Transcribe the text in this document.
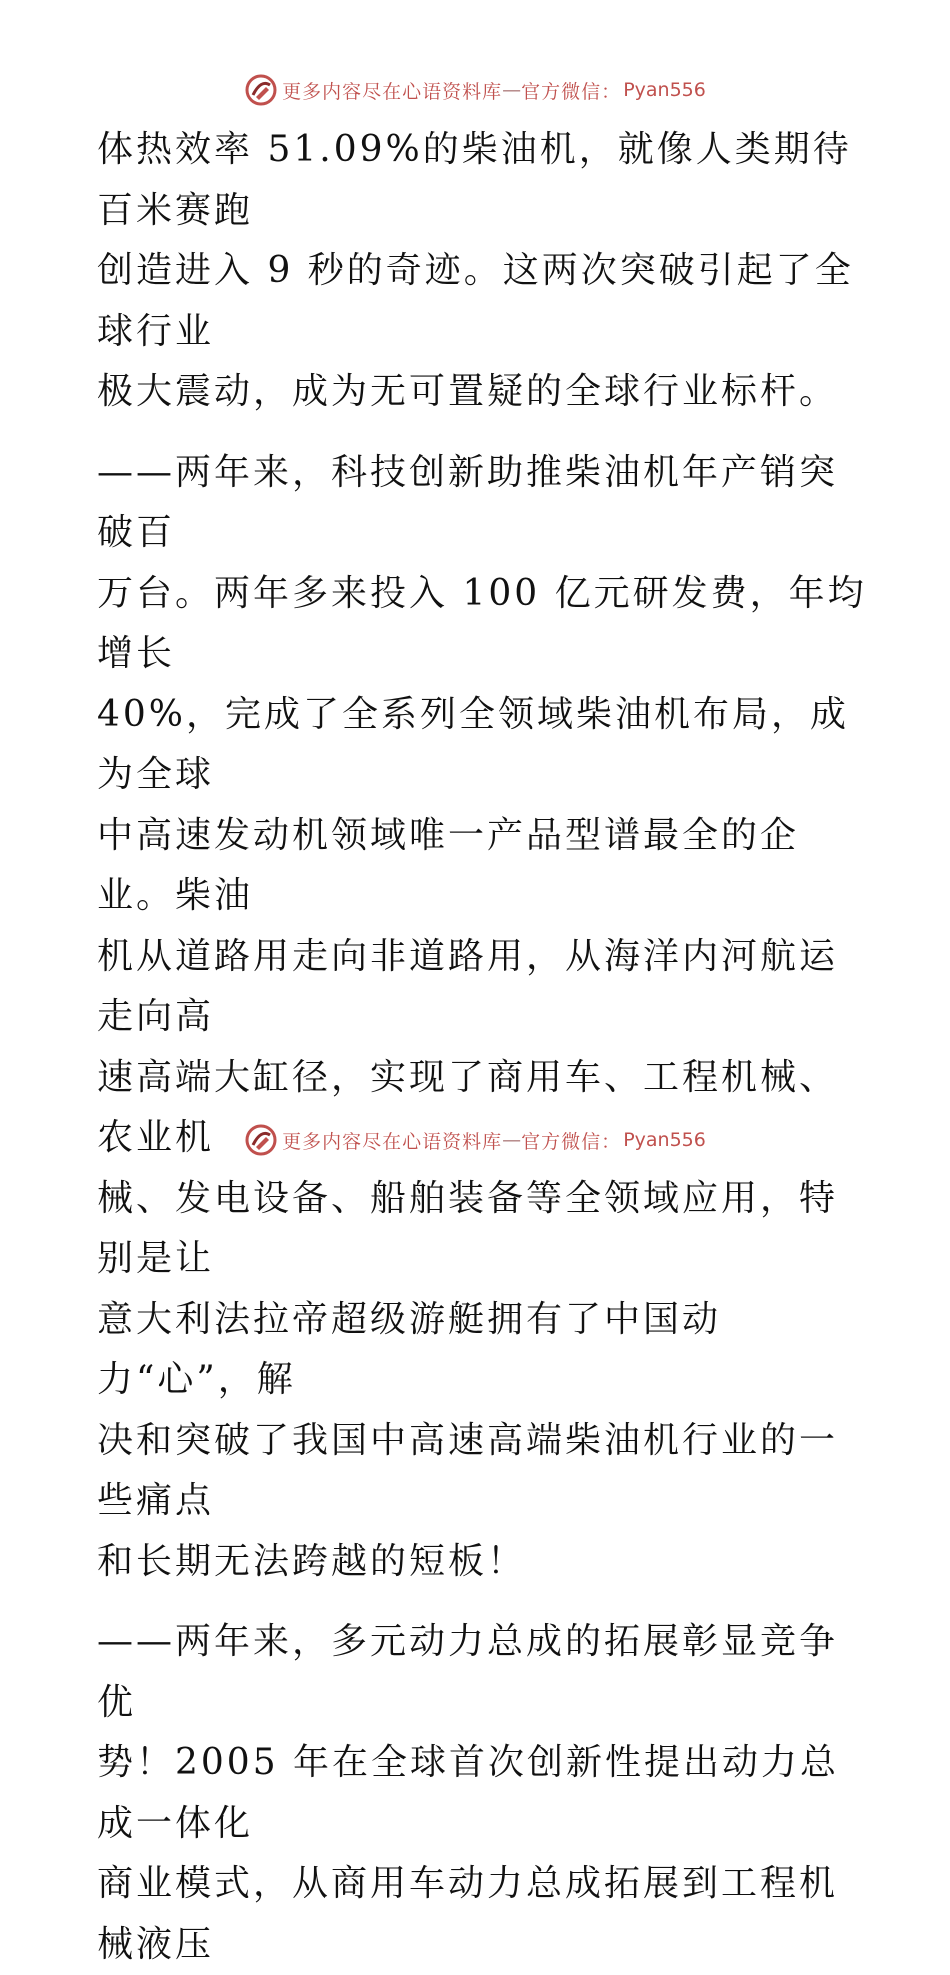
更多内容尽在心语资料库 — 官方微信： Pyan556
体热效率 51.09%的柴油机，就像人类期待百米赛跑
创造进入 9 秒的奇迹。这两次突破引起了全球行业
极大震动，成为无可置疑的全球行业标杆。
——两年来，科技创新助推柴油机年产销突破百
万台。两年多来投入 100 亿元研发费，年均增长
40%，完成了全系列全领域柴油机布局，成为全球
中高速发动机领域唯一产品型谱最全的企业。柴油
机从道路用走向非道路用，从海洋内河航运走向高
速高端大缸径，实现了商用车、工程机械、农业机
械、发电设备、船舶装备等全领域应用，特别是让
意大利法拉帝超级游艇拥有了中国动力“心”，解
决和突破了我国中高速高端柴油机行业的一些痛点
和长期无法跨越的短板！
——两年来，多元动力总成的拓展彰显竞争优
势！2005 年在全球首次创新性提出动力总成一体化
商业模式，从商用车动力总成拓展到工程机械液压
更多内容尽在心语资料库 — 官方微信： Pyan556
